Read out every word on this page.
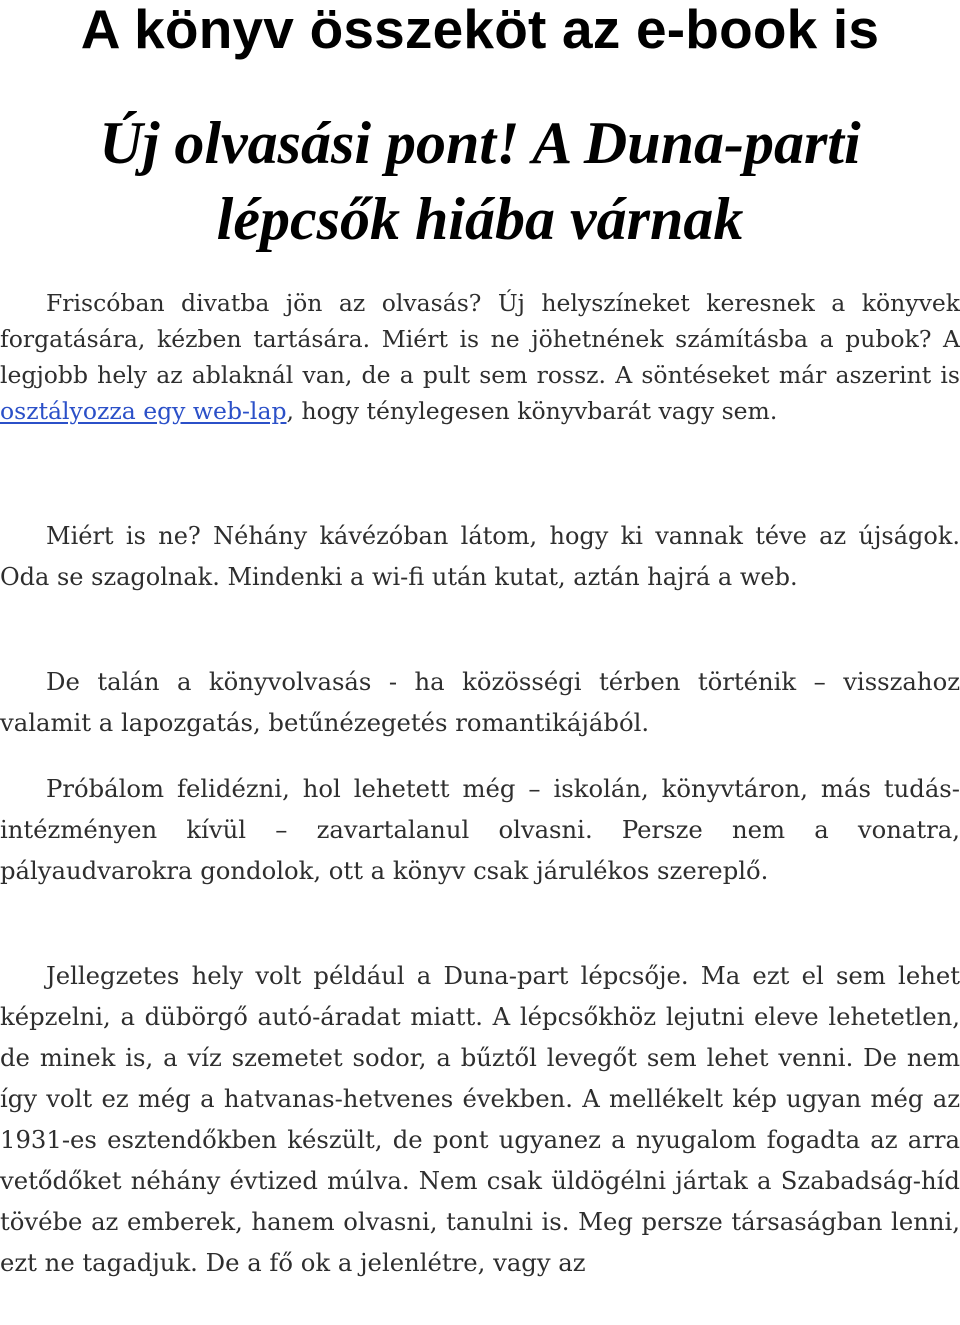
A könyv összeköt az e-book is
Új olvasási pont! A Duna-parti lépcsők hiába várnak

Friscóban divatba jön az olvasás? Új helyszíneket keresnek a könyvek forgatására, kézben tartására. Miért is ne jöhetnének számításba a pubok? A legjobb hely az ablaknál van, de a pult sem rossz. A söntéseket már aszerint is osztályozza egy web-lap, hogy ténylegesen könyvbarát vagy sem.

Miért is ne? Néhány kávézóban látom, hogy ki vannak téve az újságok. Oda se szagolnak. Mindenki a wi-fi után kutat, aztán hajrá a web.

De talán a könyvolvasás - ha közösségi térben történik – visszahoz valamit a lapozgatás, betűnézegetés romantikájából.

Próbálom felidézni, hol lehetett még – iskolán, könyvtáron, más tudás-intézményen kívül – zavartalanul olvasni. Persze nem a vonatra, pályaudvarokra gondolok, ott a könyv csak járulékos szereplő.

Jellegzetes hely volt például a Duna-part lépcsője. Ma ezt el sem lehet képzelni, a dübörgő autó-áradat miatt. A lépcsőkhöz lejutni eleve lehetetlen, de minek is, a víz szemetet sodor, a bűztől levegőt sem lehet venni. De nem így volt ez még a hatvanas-hetvenes években. A mellékelt kép ugyan még az 1931-es esztendőkben készült, de pont ugyanez a nyugalom fogadta az arra vetődőket néhány évtized múlva. Nem csak üldögélni jártak a Szabadság-híd tövébe az emberek, hanem olvasni, tanulni is. Meg persze társaságban lenni, ezt ne tagadjuk. De a fő ok a jelenlétre, vagy az
